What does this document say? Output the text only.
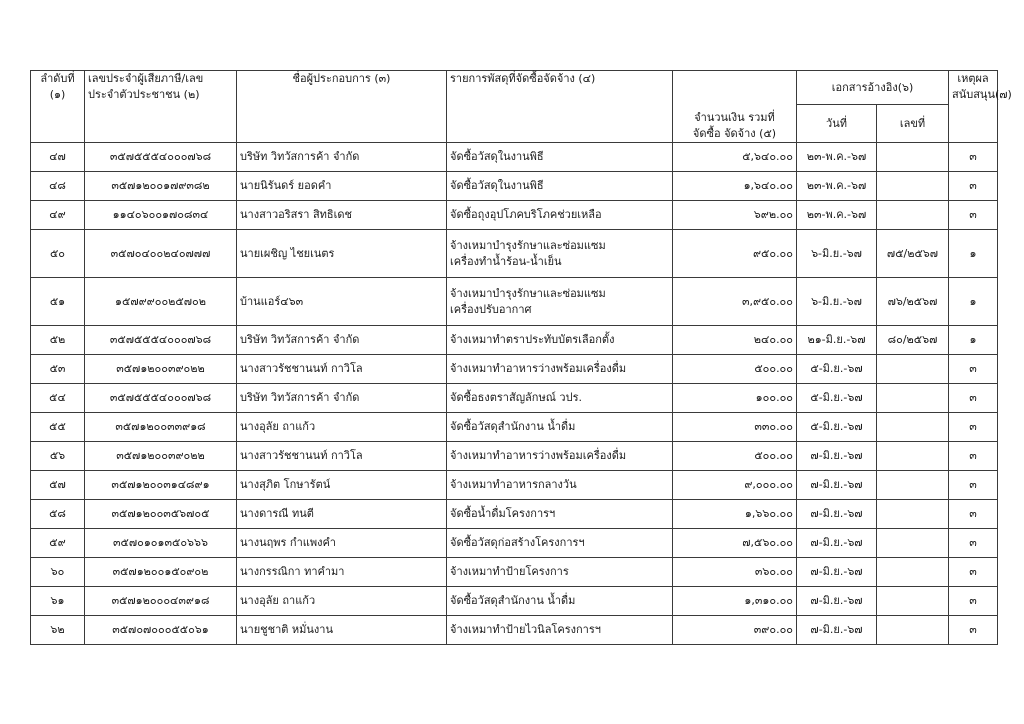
ลำดับที่ (๑)	เลขประจำผู้เสียภาษี/เลข
ประจำตัวประชาชน (๒)	ชื่อผู้ประกอบการ (๓)	รายการพัสดุที่จัดซื้อจัดจ้าง (๔)	จำนวนเงิน รวมที่
จัดซื้อ จัดจ้าง (๕)	เอกสารอ้างอิง(๖)		เหตุผล
สนับสนุน(๗)

					วันที่	เลขที่	
๔๗	๓๕๗๕๕๕๔๐๐๐๗๖๘	บริษัท วิทวัสการค้า จำกัด	จัดซื้อวัสดุในงานพิธี	๕,๖๔๐.๐๐	๒๓-พ.ค.-๖๗		๓
๔๘	๓๕๗๑๒๐๐๑๗๙๓๘๒	นายนิรันดร์ ยอดคำ	จัดซื้อวัสดุในงานพิธี	๑,๖๔๐.๐๐	๒๓-พ.ค.-๖๗		๓
๔๙	๑๑๔๐๖๐๐๑๗๐๘๓๔	นางสาวอริสรา สิทธิเดช	จัดซื้อถุงอุปโภคบริโภคช่วยเหลือ	๖๙๒.๐๐	๒๓-พ.ค.-๖๗		๓
๕๐	๓๕๗๐๔๐๐๒๔๐๗๗๗	นายเผชิญ ไชยเนตร	จ้างเหมาบำรุงรักษาและซ่อมแซม
เครื่องทำน้ำร้อน-น้ำเย็น	๙๕๐.๐๐	๖-มิ.ย.-๖๗	๗๕/๒๕๖๗	๑
๕๑	๑๕๗๙๙๐๐๒๕๗๐๒	บ้านแอร์๔๖๓	จ้างเหมาบำรุงรักษาและซ่อมแซม
เครื่องปรับอากาศ	๓,๙๕๐.๐๐	๖-มิ.ย.-๖๗	๗๖/๒๕๖๗	๑
๕๒	๓๕๗๕๕๕๔๐๐๐๗๖๘	บริษัท วิทวัสการค้า จำกัด	จ้างเหมาทำตราประทับบัตรเลือกตั้ง	๒๔๐.๐๐	๒๑-มิ.ย.-๖๗	๘๐/๒๕๖๗	๑
๕๓	๓๕๗๑๒๐๐๓๙๐๒๒	นางสาวรัชชานนท์ กาวิโล	จ้างเหมาทำอาหารว่างพร้อมเครื่องดื่ม	๕๐๐.๐๐	๕-มิ.ย.-๖๗		๓
๕๔	๓๕๗๕๕๕๔๐๐๐๗๖๘	บริษัท วิทวัสการค้า จำกัด	จัดซื้อธงตราสัญลักษณ์ วปร.	๑๐๐.๐๐	๕-มิ.ย.-๖๗		๓
๕๕	๓๕๗๑๒๐๐๓๓๙๑๘	นางอุลัย ถาแก้ว	จัดซื้อวัสดุสำนักงาน น้ำดื่ม	๓๓๐.๐๐	๕-มิ.ย.-๖๗		๓
๕๖	๓๕๗๑๒๐๐๓๙๐๒๒	นางสาวรัชชานนท์ กาวิโล	จ้างเหมาทำอาหารว่างพร้อมเครื่องดื่ม	๕๐๐.๐๐	๗-มิ.ย.-๖๗		๓
๕๗	๓๕๗๑๒๐๐๓๑๔๘๙๑	นางสุภิต โกษารัตน์	จ้างเหมาทำอาหารกลางวัน	๙,๐๐๐.๐๐	๗-มิ.ย.-๖๗		๓
๕๘	๓๕๗๑๒๐๐๓๕๖๗๐๕	นางดารณี ทนตี	จัดซื้อน้ำดื่มโครงการฯ	๑,๖๖๐.๐๐	๗-มิ.ย.-๖๗		๓
๕๙	๓๕๗๐๑๐๑๓๕๐๖๖๖	นางนฤพร กำแพงคำ	จัดซื้อวัสดุก่อสร้างโครงการฯ	๗,๕๖๐.๐๐	๗-มิ.ย.-๖๗		๓
๖๐	๓๕๗๑๒๐๐๑๕๐๙๐๒	นางกรรณิกา ทาคำมา	จ้างเหมาทำป้ายโครงการ	๓๖๐.๐๐	๗-มิ.ย.-๖๗		๓
๖๑	๓๕๗๑๒๐๐๐๔๓๙๑๘	นางอุลัย ถาแก้ว	จัดซื้อวัสดุสำนักงาน น้ำดื่ม	๑,๓๑๐.๐๐	๗-มิ.ย.-๖๗		๓
๖๒	๓๕๗๐๗๐๐๐๕๕๐๖๑	นายชูชาติ หมั่นงาน	จ้างเหมาทำป้ายไวนิลโครงการฯ	๓๙๐.๐๐	๗-มิ.ย.-๖๗		๓
